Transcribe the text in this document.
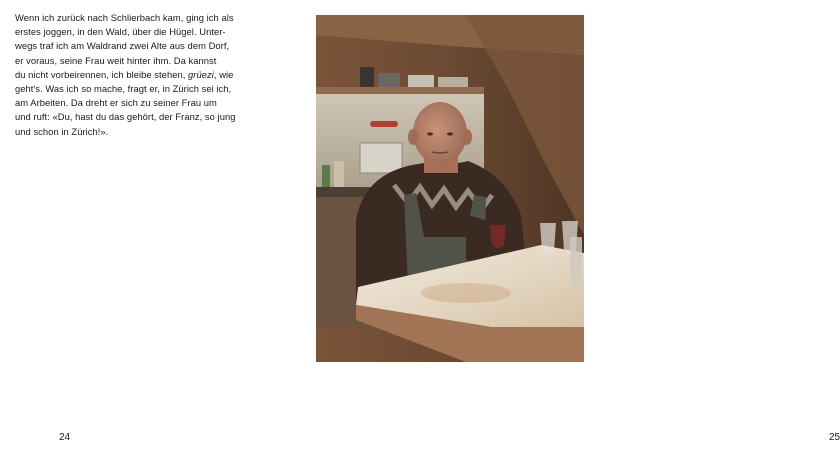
Wenn ich zurück nach Schlierbach kam, ging ich als
erstes joggen, in den Wald, über die Hügel. Unter-
wegs traf ich am Waldrand zwei Alte aus dem Dorf,
er voraus, seine Frau weit hinter ihm. Da kannst
du nicht vorbeirennen, ich bleibe stehen, grüezi, wie
geht's. Was ich so mache, fragt er, in Zürich sei ich,
am Arbeiten. Da dreht er sich zu seiner Frau um
und ruft: «Du, hast du das gehört, der Franz, so jung
und schon in Zürich!».
24	25
